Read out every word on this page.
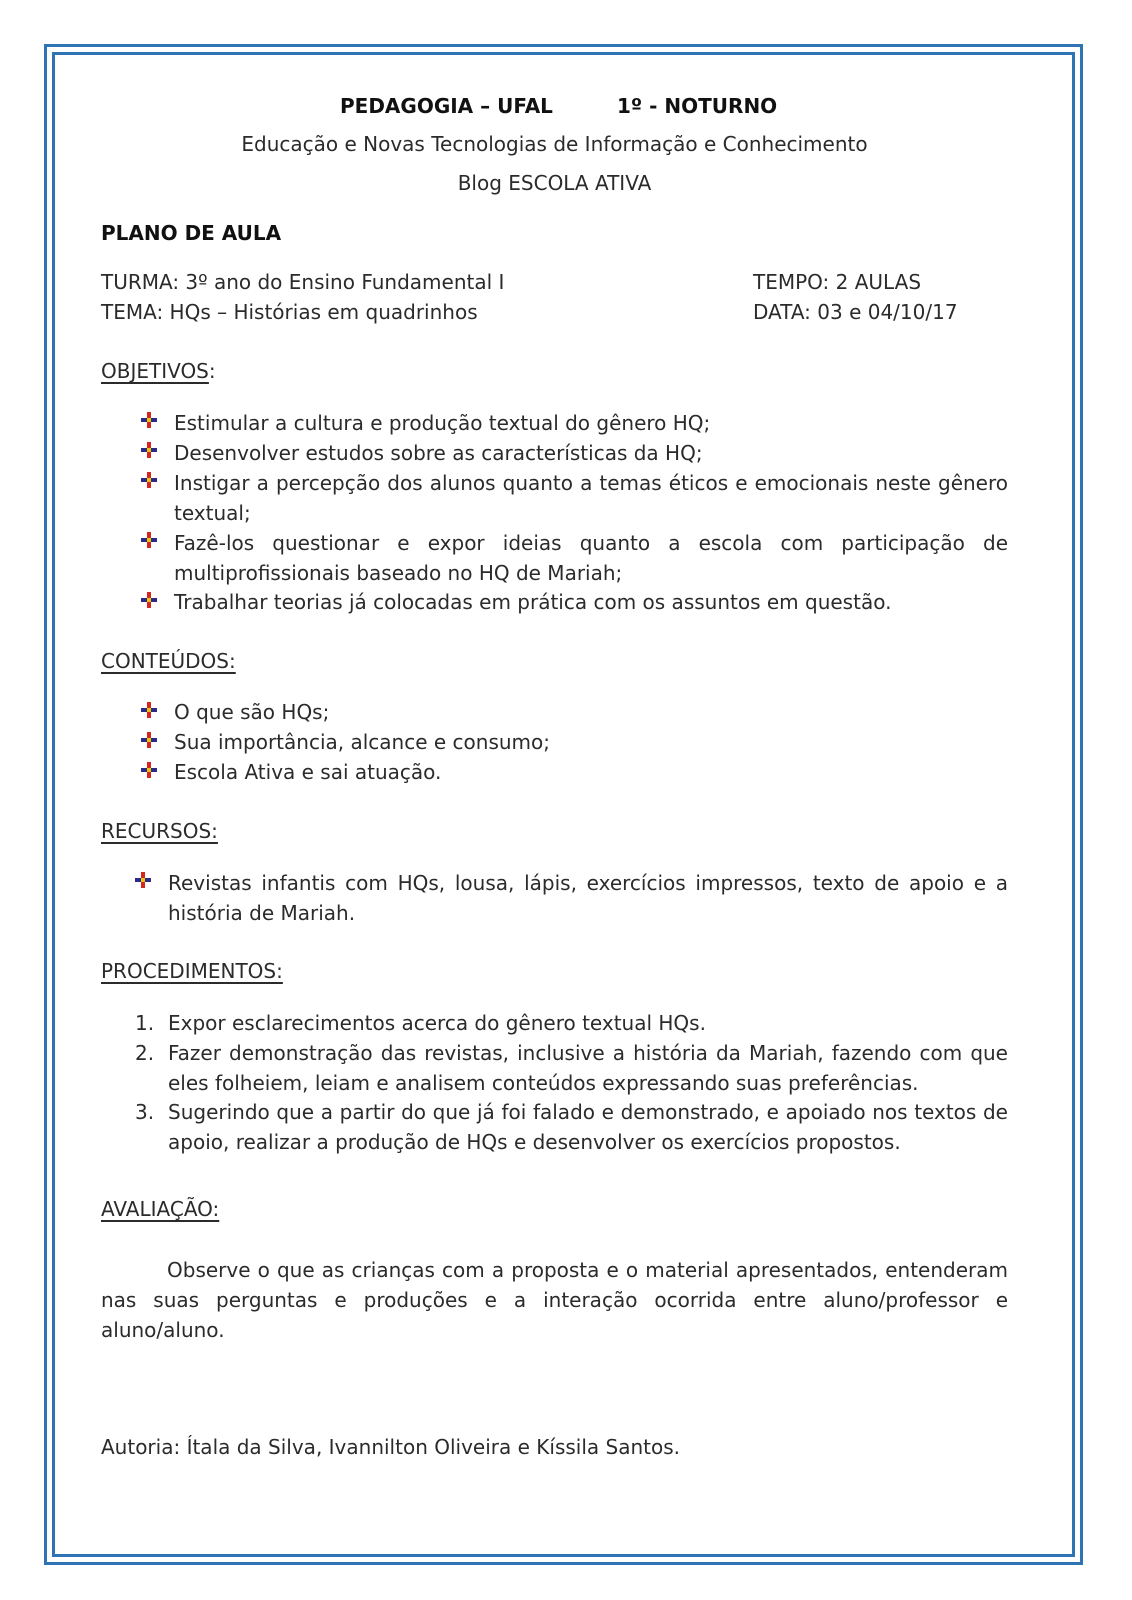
PEDAGOGIA – UFAL	1º - NOTURNO
Educação e Novas Tecnologias de Informação e Conhecimento
Blog ESCOLA ATIVA
PLANO DE AULA
TURMA: 3º ano do Ensino Fundamental I
TEMA: HQs – Histórias em quadrinhos
TEMPO: 2 AULAS
DATA: 03 e 04/10/17
OBJETIVOS:
Estimular a cultura e produção textual do gênero HQ;
Desenvolver estudos sobre as características da HQ;
Instigar a percepção dos alunos quanto a temas éticos e emocionais neste gênero
textual;
Fazê-los questionar e expor ideias quanto a escola com participação de
multiprofissionais baseado no HQ de Mariah;
Trabalhar teorias já colocadas em prática com os assuntos em questão.
CONTEÚDOS:
O que são HQs;
Sua importância, alcance e consumo;
Escola Ativa e sai atuação.
RECURSOS:
Revistas infantis com HQs, lousa, lápis, exercícios impressos, texto de apoio e a
história de Mariah.
PROCEDIMENTOS:
1. Expor esclarecimentos acerca do gênero textual HQs.
2. Fazer demonstração das revistas, inclusive a história da Mariah, fazendo com que
eles folheiem, leiam e analisem conteúdos expressando suas preferências.
3. Sugerindo que a partir do que já foi falado e demonstrado, e apoiado nos textos de
apoio, realizar a produção de HQs e desenvolver os exercícios propostos.
AVALIAÇÃO:
Observe o que as crianças com a proposta e o material apresentados, entenderam
nas suas perguntas e produções e a interação ocorrida entre aluno/professor e
aluno/aluno.
Autoria: Ítala da Silva, Ivannilton Oliveira e Kíssila Santos.
